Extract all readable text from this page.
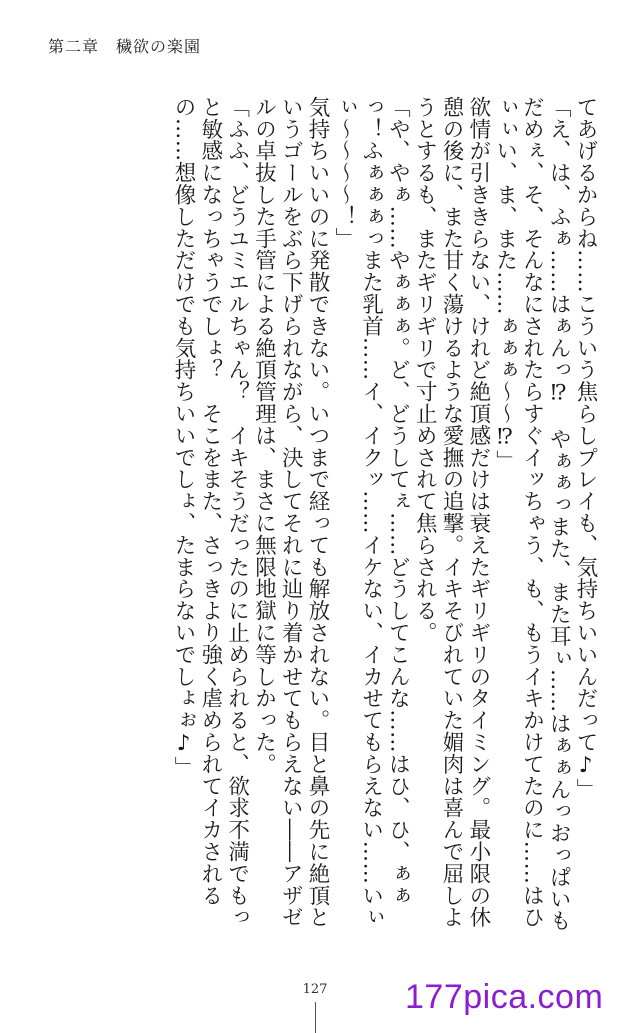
第二章　穢欲の楽園

てあげるからね……こういう焦らしプレイも、気持ちいいんだって♪」

「え、は、ふぁ……はぁんっ⁉　やぁぁっまた、また耳ぃ……はぁぁんっおっぱいもだめぇ、そ、そんなにされたらすぐイッちゃう、も、もうイキかけてたのに……はひぃぃい、ま、また……ぁぁぁ～～⁉」

欲情が引ききらない、けれど絶頂感だけは衰えたギリギリのタイミング。最小限の休憩の後に、また甘く蕩けるような愛撫の追撃。イキそびれていた媚肉は喜んで屈しようとするも、またギリギリで寸止めされて焦らされる。

「や、やぁ……やぁぁぁ。ど、どうしてぇ……どうしてこんな……はひ、ひ、ぁぁっ！ふぁぁぁっまた乳首……イ、イクッ……イケない、イカせてもらえない……いぃぃ～～～～！」

気持ちいいのに発散できない。いつまで経っても解放されない。目と鼻の先に絶頂というゴールをぶら下げられながら、決してそれに辿り着かせてもらえない――アザゼルの卓抜した手管による絶頂管理は、まさに無限地獄に等しかった。

「ふふ、どうユミエルちゃん？　イキそうだったのに止められると、欲求不満でもっと敏感になっちゃうでしょ？　そこをまた、さっきより強く虐められてイカされるの……想像しただけでも気持ちいいでしょ、たまらないでしょぉ♪」

127 177pica.com
